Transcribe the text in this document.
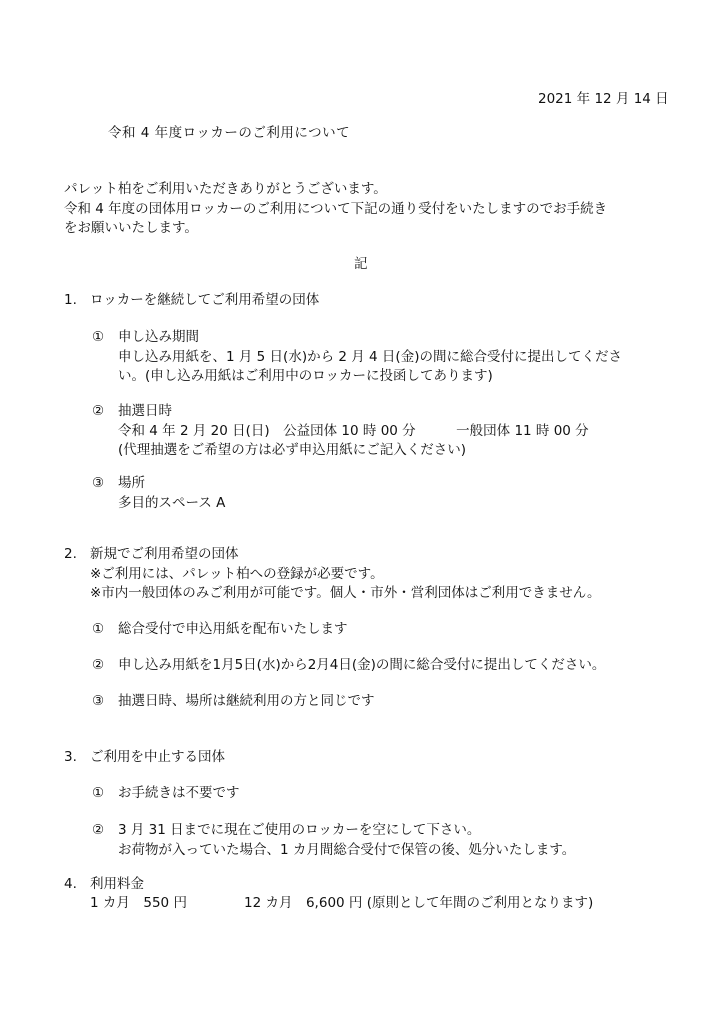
2021 年 12 月 14 日
令和 4 年度ロッカーのご利用について
パレット柏をご利用いただきありがとうございます。
令和 4 年度の団体用ロッカーのご利用について下記の通り受付をいたしますのでお手続き
をお願いいたします。
記
1. ロッカーを継続してご利用希望の団体
① 申し込み期間
申し込み用紙を、1 月 5 日(水)から 2 月 4 日(金)の間に総合受付に提出してくださ
い。(申し込み用紙はご利用中のロッカーに投函してあります)
② 抽選日時
令和 4 年 2 月 20 日(日)　公益団体 10 時 00 分　　　一般団体 11 時 00 分
(代理抽選をご希望の方は必ず申込用紙にご記入ください)
③ 場所
多目的スペース A
2. 新規でご利用希望の団体
※ご利用には、パレット柏への登録が必要です。
※市内一般団体のみご利用が可能です。個人・市外・営利団体はご利用できません。
① 総合受付で申込用紙を配布いたします
② 申し込み用紙を1月5日(水)から2月4日(金)の間に総合受付に提出してください。
③ 抽選日時、場所は継続利用の方と同じです
3. ご利用を中止する団体
① お手続きは不要です
② 3 月 31 日までに現在ご使用のロッカーを空にして下さい。
お荷物が入っていた場合、1 カ月間総合受付で保管の後、処分いたします。
4. 利用料金
1 カ月　550 円	12 カ月　6,600 円 (原則として年間のご利用となります)
